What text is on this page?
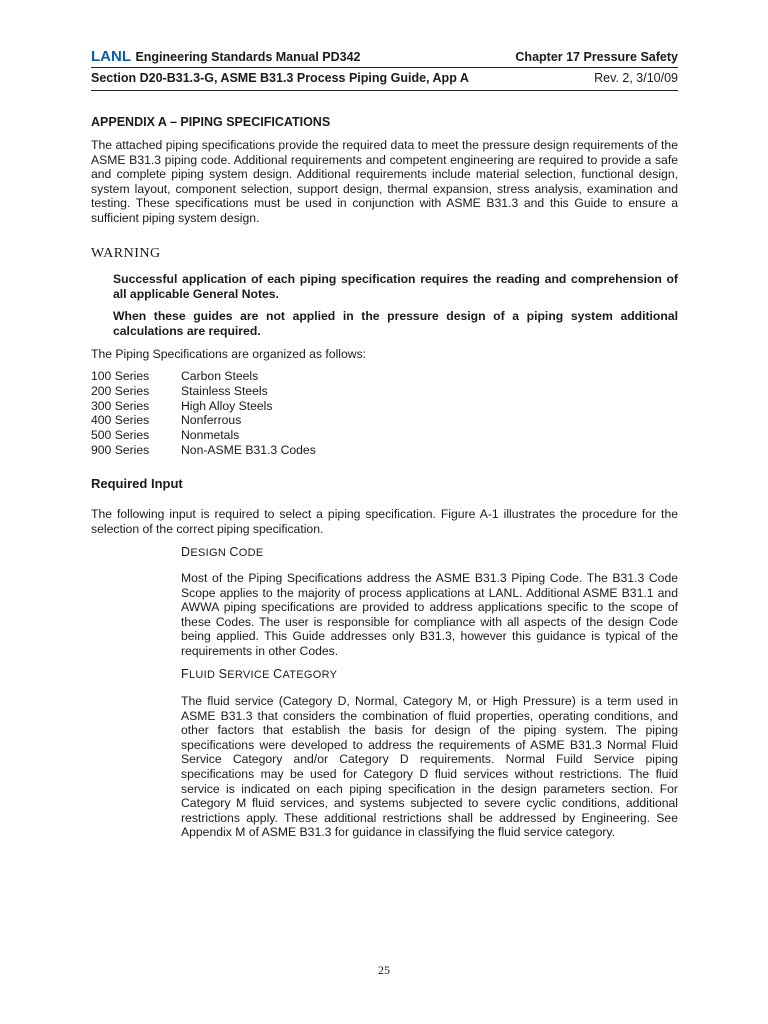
LANL Engineering Standards Manual PD342	Chapter 17 Pressure Safety
Section D20-B31.3-G, ASME B31.3 Process Piping Guide, App A	Rev. 2, 3/10/09
APPENDIX A – PIPING SPECIFICATIONS
The attached piping specifications provide the required data to meet the pressure design requirements of the ASME B31.3 piping code. Additional requirements and competent engineering are required to provide a safe and complete piping system design. Additional requirements include material selection, functional design, system layout, component selection, support design, thermal expansion, stress analysis, examination and testing. These specifications must be used in conjunction with ASME B31.3 and this Guide to ensure a sufficient piping system design.
WARNING
Successful application of each piping specification requires the reading and comprehension of all applicable General Notes.
When these guides are not applied in the pressure design of a piping system additional calculations are required.
The Piping Specifications are organized as follows:
100 Series	Carbon Steels
200 Series	Stainless Steels
300 Series	High Alloy Steels
400 Series	Nonferrous
500 Series	Nonmetals
900 Series	Non-ASME B31.3 Codes
Required Input
The following input is required to select a piping specification. Figure A-1 illustrates the procedure for the selection of the correct piping specification.
DESIGN CODE
Most of the Piping Specifications address the ASME B31.3 Piping Code. The B31.3 Code Scope applies to the majority of process applications at LANL. Additional ASME B31.1 and AWWA piping specifications are provided to address applications specific to the scope of these Codes. The user is responsible for compliance with all aspects of the design Code being applied. This Guide addresses only B31.3, however this guidance is typical of the requirements in other Codes.
FLUID SERVICE CATEGORY
The fluid service (Category D, Normal, Category M, or High Pressure) is a term used in ASME B31.3 that considers the combination of fluid properties, operating conditions, and other factors that establish the basis for design of the piping system. The piping specifications were developed to address the requirements of ASME B31.3 Normal Fluid Service Category and/or Category D requirements. Normal Fuild Service piping specifications may be used for Category D fluid services without restrictions. The fluid service is indicated on each piping specification in the design parameters section. For Category M fluid services, and systems subjected to severe cyclic conditions, additional restrictions apply. These additional restrictions shall be addressed by Engineering. See Appendix M of ASME B31.3 for guidance in classifying the fluid service category.
25
